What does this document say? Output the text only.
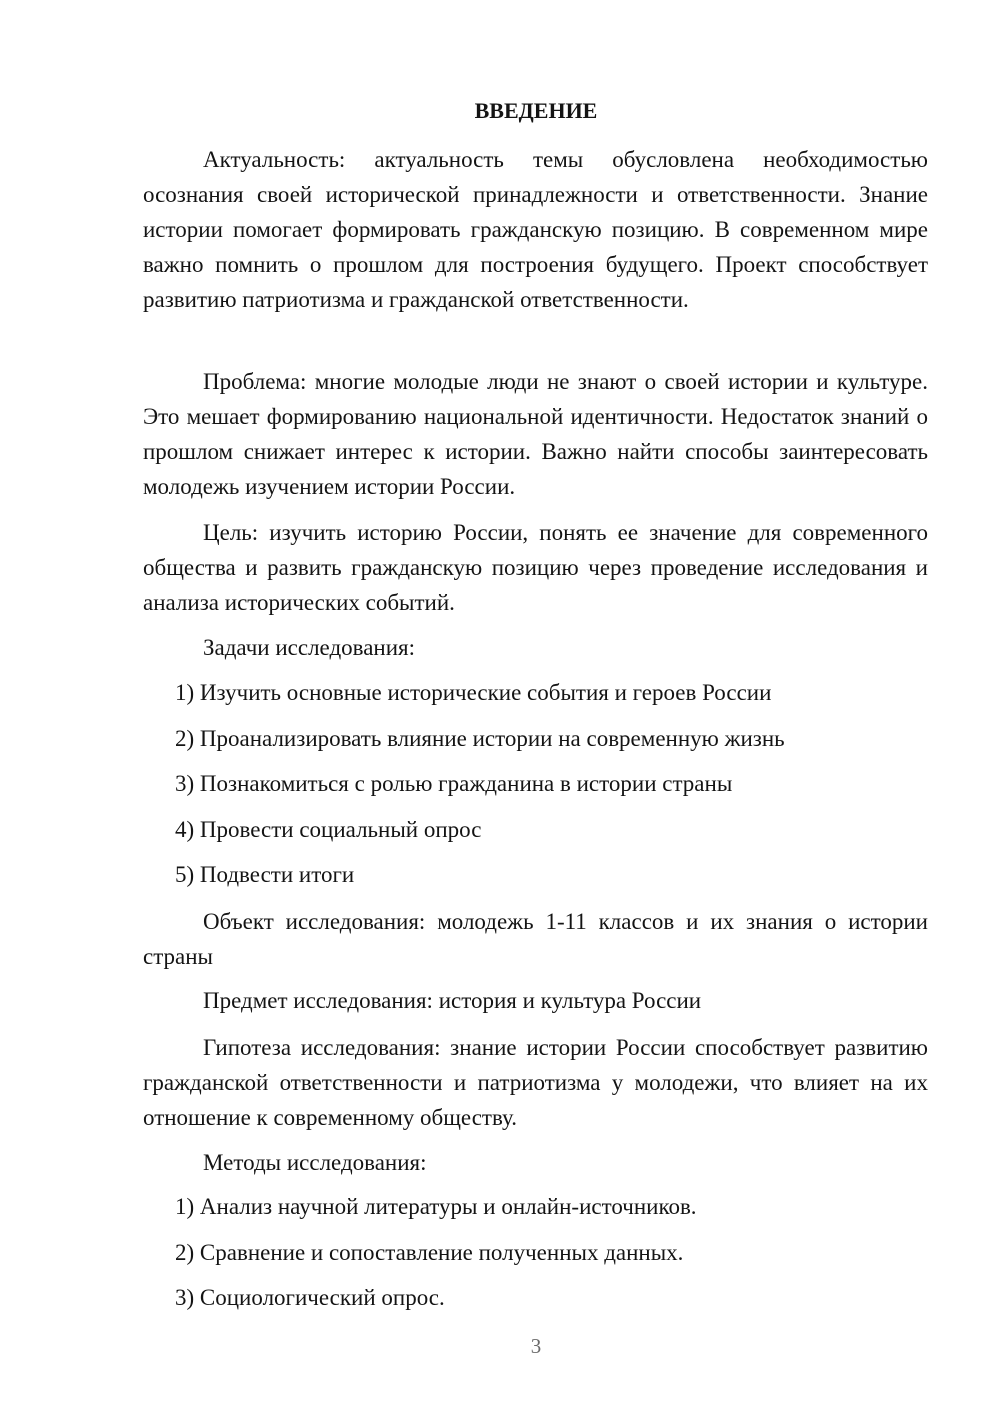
ВВЕДЕНИЕ

Актуальность: актуальность темы обусловлена необходимостью осознания своей исторической принадлежности и ответственности. Знание истории помогает формировать гражданскую позицию. В современном мире важно помнить о прошлом для построения будущего. Проект способствует развитию патриотизма и гражданской ответственности.

Проблема: многие молодые люди не знают о своей истории и культуре. Это мешает формированию национальной идентичности. Недостаток знаний о прошлом снижает интерес к истории. Важно найти способы заинтересовать молодежь изучением истории России.

Цель: изучить историю России, понять ее значение для современного общества и развить гражданскую позицию через проведение исследования и анализа исторических событий.

Задачи исследования:
1) Изучить основные исторические события и героев России
2) Проанализировать влияние истории на современную жизнь
3) Познакомиться с ролью гражданина в истории страны
4) Провести социальный опрос
5) Подвести итоги

Объект исследования: молодежь 1-11 классов и их знания о истории страны

Предмет исследования: история и культура России

Гипотеза исследования: знание истории России способствует развитию гражданской ответственности и патриотизма у молодежи, что влияет на их отношение к современному обществу.

Методы исследования:
1) Анализ научной литературы и онлайн-источников.
2) Сравнение и сопоставление полученных данных.
3) Социологический опрос.
3
